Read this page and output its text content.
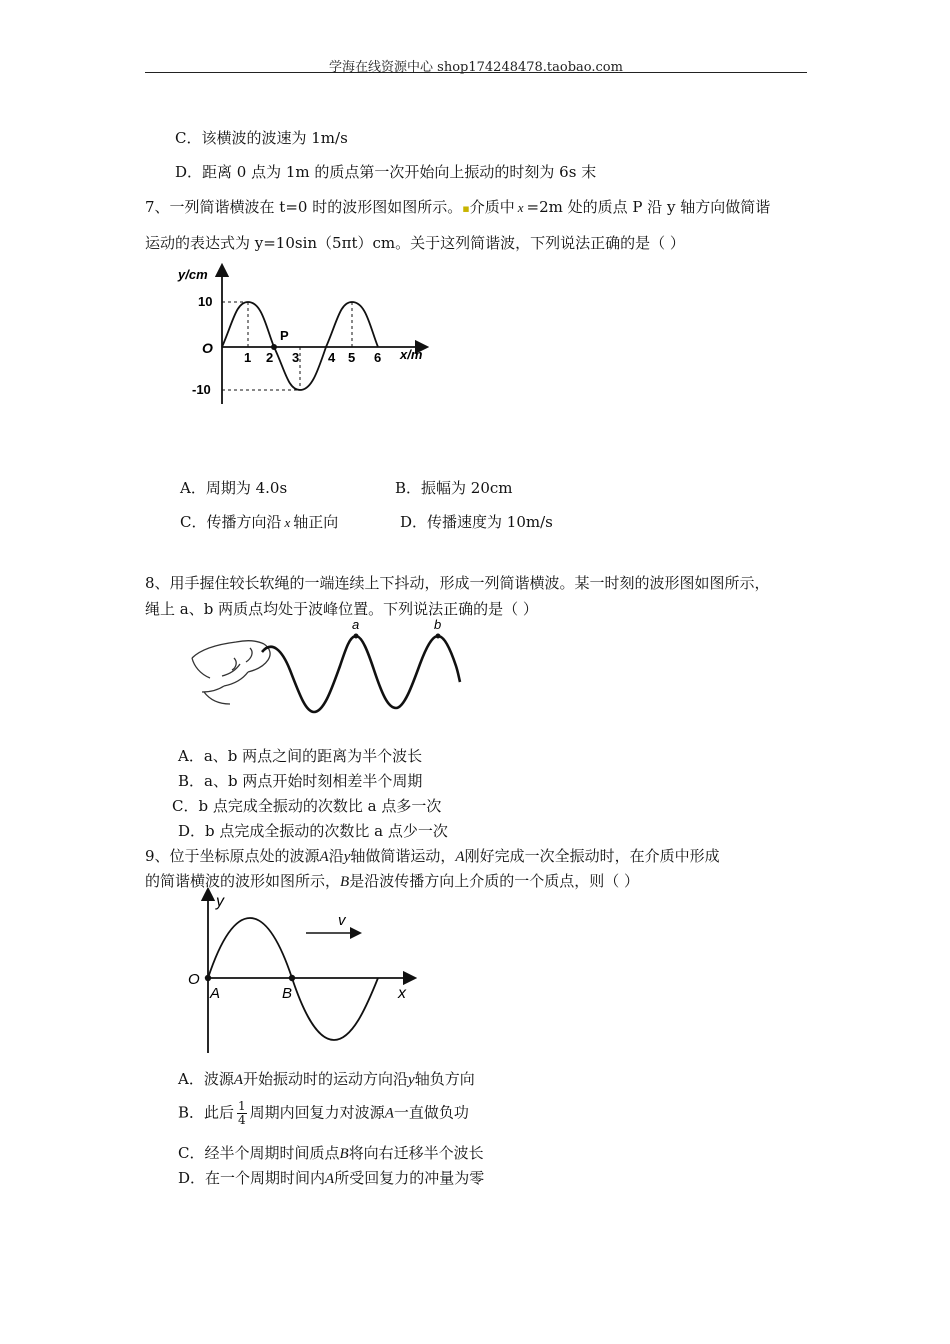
学海在线资源中心 shop174248478.taobao.com
C．该横波的波速为 1m/s
D．距离 0 点为 1m 的质点第一次开始向上振动的时刻为 6s 末
7、一列简谐横波在 t=0 时的波形图如图所示。▪介质中 x =2m 处的质点 P 沿 y 轴方向做简谐
运动的表达式为 y=10sin（5πt）cm。关于这列简谐波，下列说法正确的是（ ）
y/cm
x/m
O
10
-10
P
1 2 3 4 5 6
A．周期为 4.0s	B．振幅为 20cm
C．传播方向沿 x 轴正向	D．传播速度为 10m/s
8、用手握住较长软绳的一端连续上下抖动，形成一列简谐横波。某一时刻的波形图如图所示，
绳上 a、b 两质点均处于波峰位置。下列说法正确的是（ ）
a	b
A．a、b 两点之间的距离为半个波长
B．a、b 两点开始时刻相差半个周期
C．b 点完成全振动的次数比 a 点多一次
D．b 点完成全振动的次数比 a 点少一次
9、位于坐标原点处的波源A沿y轴做简谐运动，A刚好完成一次全振动时，在介质中形成
的简谐横波的波形如图所示，B是沿波传播方向上介质的一个质点，则（ ）
v
y
x
O
A	B
A．波源A开始振动时的运动方向沿y轴负方向
B．此后 $\frac{1}{4}$ 周期内回复力对波源A一直做负功
C．经半个周期时间质点B将向右迁移半个波长
D．在一个周期时间内A所受回复力的冲量为零
